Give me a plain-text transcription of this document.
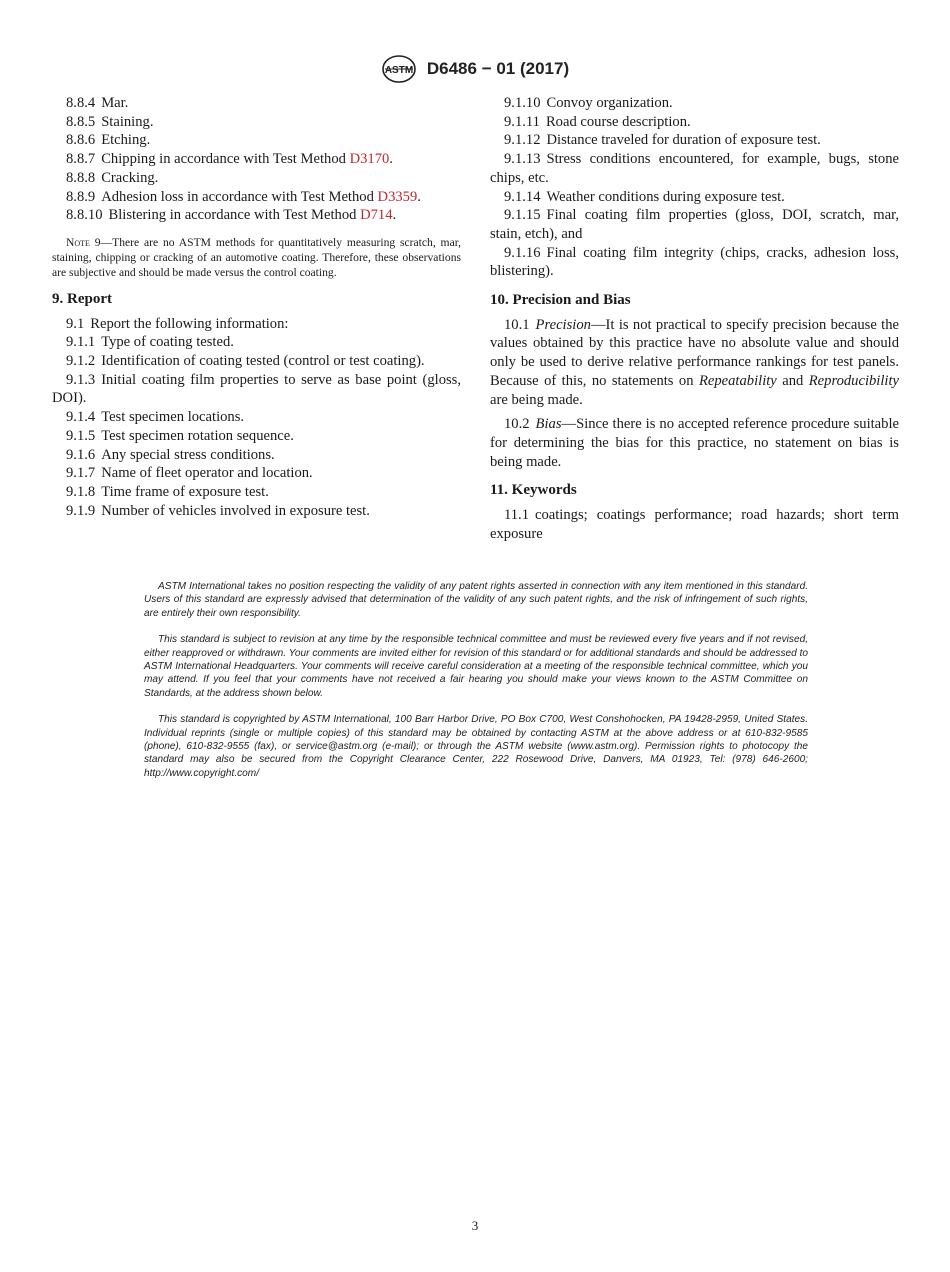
ASTM D6486 − 01 (2017)

8.8.4 Mar.

8.8.5 Staining.

8.8.6 Etching.

8.8.7 Chipping in accordance with Test Method D3170.

8.8.8 Cracking.

8.8.9 Adhesion loss in accordance with Test Method D3359.

8.8.10 Blistering in accordance with Test Method D714.

Note 9—There are no ASTM methods for quantitatively measuring scratch, mar, staining, chipping or cracking of an automotive coating. Therefore, these observations are subjective and should be made versus the control coating.

9. Report

9.1 Report the following information:

9.1.1 Type of coating tested.

9.1.2 Identification of coating tested (control or test coating).

9.1.3 Initial coating film properties to serve as base point (gloss, DOI).

9.1.4 Test specimen locations.

9.1.5 Test specimen rotation sequence.

9.1.6 Any special stress conditions.

9.1.7 Name of fleet operator and location.

9.1.8 Time frame of exposure test.

9.1.9 Number of vehicles involved in exposure test.

9.1.10 Convoy organization.

9.1.11 Road course description.

9.1.12 Distance traveled for duration of exposure test.

9.1.13 Stress conditions encountered, for example, bugs, stone chips, etc.

9.1.14 Weather conditions during exposure test.

9.1.15 Final coating film properties (gloss, DOI, scratch, mar, stain, etch), and

9.1.16 Final coating film integrity (chips, cracks, adhesion loss, blistering).

10. Precision and Bias

10.1 Precision—It is not practical to specify precision because the values obtained by this practice have no absolute value and should only be used to derive relative performance rankings for test panels. Because of this, no statements on Repeatability and Reproducibility are being made.

10.2 Bias—Since there is no accepted reference procedure suitable for determining the bias for this practice, no statement on bias is being made.

11. Keywords

11.1 coatings; coatings performance; road hazards; short term exposure

ASTM International takes no position respecting the validity of any patent rights asserted in connection with any item mentioned in this standard. Users of this standard are expressly advised that determination of the validity of any such patent rights, and the risk of infringement of such rights, are entirely their own responsibility.

This standard is subject to revision at any time by the responsible technical committee and must be reviewed every five years and if not revised, either reapproved or withdrawn. Your comments are invited either for revision of this standard or for additional standards and should be addressed to ASTM International Headquarters. Your comments will receive careful consideration at a meeting of the responsible technical committee, which you may attend. If you feel that your comments have not received a fair hearing you should make your views known to the ASTM Committee on Standards, at the address shown below.

This standard is copyrighted by ASTM International, 100 Barr Harbor Drive, PO Box C700, West Conshohocken, PA 19428-2959, United States. Individual reprints (single or multiple copies) of this standard may be obtained by contacting ASTM at the above address or at 610-832-9585 (phone), 610-832-9555 (fax), or service@astm.org (e-mail); or through the ASTM website (www.astm.org). Permission rights to photocopy the standard may also be secured from the Copyright Clearance Center, 222 Rosewood Drive, Danvers, MA 01923, Tel: (978) 646-2600; http://www.copyright.com/

3
